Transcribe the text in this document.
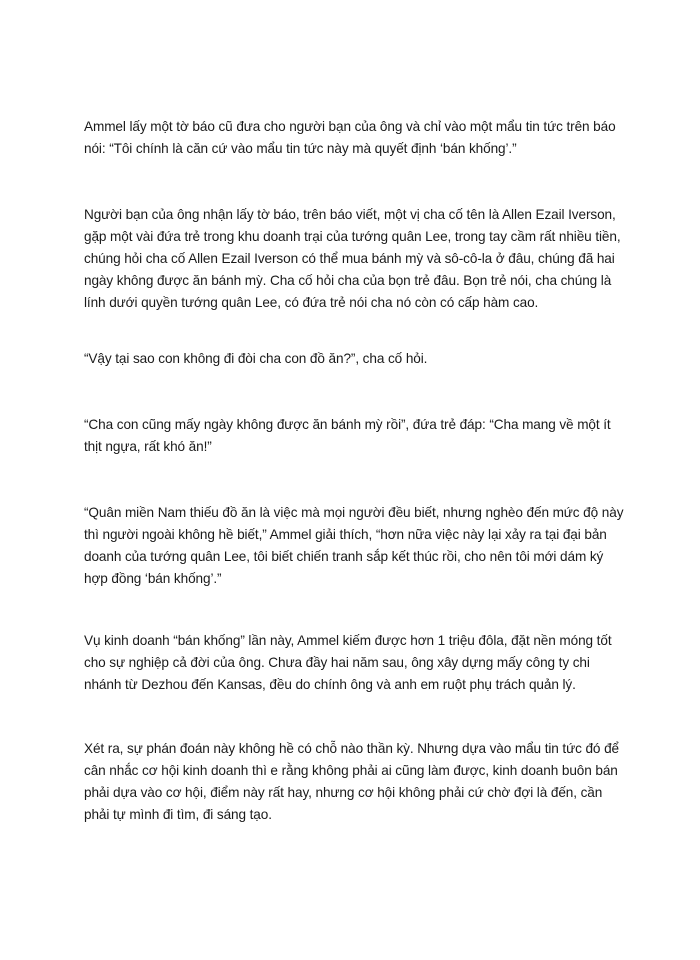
Ammel lấy một tờ báo cũ đưa cho người bạn của ông và chỉ vào một mẩu tin tức trên báo nói: “Tôi chính là căn cứ vào mẩu tin tức này mà quyết định ‘bán khống’.”

Người bạn của ông nhận lấy tờ báo, trên báo viết, một vị cha cố tên là Allen Ezail Iverson, gặp một vài đứa trẻ trong khu doanh trại của tướng quân Lee, trong tay cầm rất nhiều tiền, chúng hỏi cha cố Allen Ezail Iverson có thể mua bánh mỳ và sô-cô-la ở đâu, chúng đã hai ngày không được ăn bánh mỳ. Cha cố hỏi cha của bọn trẻ đâu. Bọn trẻ nói, cha chúng là lính dưới quyền tướng quân Lee, có đứa trẻ nói cha nó còn có cấp hàm cao.

“Vậy tại sao con không đi đòi cha con đồ ăn?”, cha cố hỏi.

“Cha con cũng mấy ngày không được ăn bánh mỳ rồi”, đứa trẻ đáp: “Cha mang về một ít thịt ngựa, rất khó ăn!”

“Quân miền Nam thiếu đồ ăn là việc mà mọi người đều biết, nhưng nghèo đến mức độ này thì người ngoài không hề biết,” Ammel giải thích, “hơn nữa việc này lại xảy ra tại đại bản doanh của tướng quân Lee, tôi biết chiến tranh sắp kết thúc rồi, cho nên tôi mới dám ký hợp đồng ‘bán khống’.”

Vụ kinh doanh “bán khống” lần này, Ammel kiếm được hơn 1 triệu đôla, đặt nền móng tốt cho sự nghiệp cả đời của ông. Chưa đầy hai năm sau, ông xây dựng mấy công ty chi nhánh từ Dezhou đến Kansas, đều do chính ông và anh em ruột phụ trách quản lý.

Xét ra, sự phán đoán này không hề có chỗ nào thần kỳ. Nhưng dựa vào mẩu tin tức đó để cân nhắc cơ hội kinh doanh thì e rằng không phải ai cũng làm được, kinh doanh buôn bán phải dựa vào cơ hội, điểm này rất hay, nhưng cơ hội không phải cứ chờ đợi là đến, cần phải tự mình đi tìm, đi sáng tạo.
